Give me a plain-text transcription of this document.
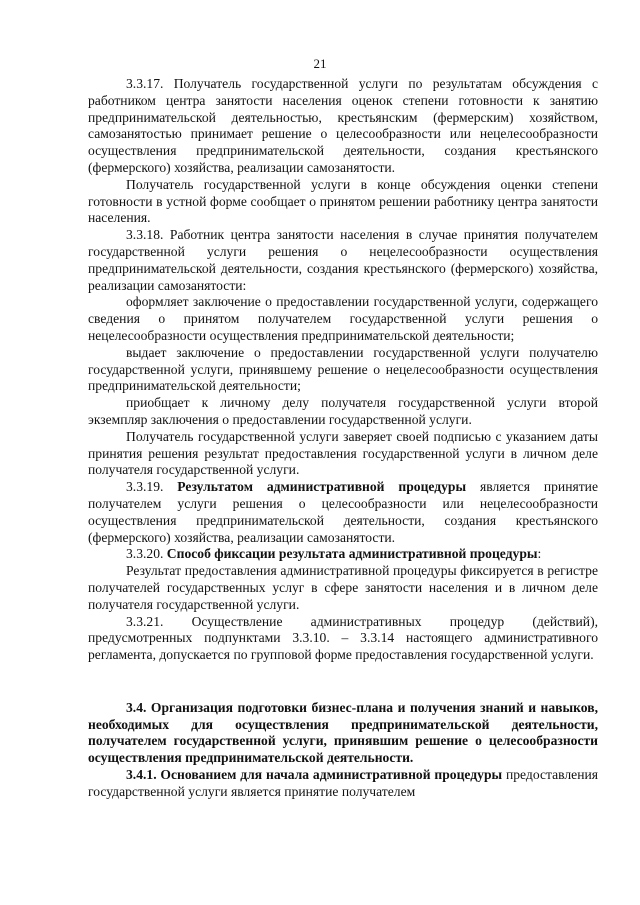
21

3.3.17. Получатель государственной услуги по результатам обсуждения с работником центра занятости населения оценок степени готовности к занятию предпринимательской деятельностью, крестьянским (фермерским) хозяйством, самозанятостью принимает решение о целесообразности или нецелесообразности осуществления предпринимательской деятельности, создания крестьянского (фермерского) хозяйства, реализации самозанятости.

Получатель государственной услуги в конце обсуждения оценки степени готовности в устной форме сообщает о принятом решении работнику центра занятости населения.

3.3.18. Работник центра занятости населения в случае принятия получателем государственной услуги решения о нецелесообразности осуществления предпринимательской деятельности, создания крестьянского (фермерского) хозяйства, реализации самозанятости:

оформляет заключение о предоставлении государственной услуги, содержащего сведения о принятом получателем государственной услуги решения о нецелесообразности осуществления предпринимательской деятельности;

выдает заключение о предоставлении государственной услуги получателю государственной услуги, принявшему решение о нецелесообразности осуществления предпринимательской деятельности;

приобщает к личному делу получателя государственной услуги второй экземпляр заключения о предоставлении государственной услуги.

Получатель государственной услуги заверяет своей подписью с указанием даты принятия решения результат предоставления государственной услуги в личном деле получателя государственной услуги.

3.3.19. Результатом административной процедуры является принятие получателем услуги решения о целесообразности или нецелесообразности осуществления предпринимательской деятельности, создания крестьянского (фермерского) хозяйства, реализации самозанятости.

3.3.20. Способ фиксации результата административной процедуры:

Результат предоставления административной процедуры фиксируется в регистре получателей государственных услуг в сфере занятости населения и в личном деле получателя государственной услуги.

3.3.21. Осуществление административных процедур (действий), предусмотренных подпунктами 3.3.10. – 3.3.14 настоящего административного регламента, допускается по групповой форме предоставления государственной услуги.

3.4. Организация подготовки бизнес-плана и получения знаний и навыков, необходимых для осуществления предпринимательской деятельности, получателем государственной услуги, принявшим решение о целесообразности осуществления предпринимательской деятельности.

3.4.1. Основанием для начала административной процедуры предоставления государственной услуги является принятие получателем
